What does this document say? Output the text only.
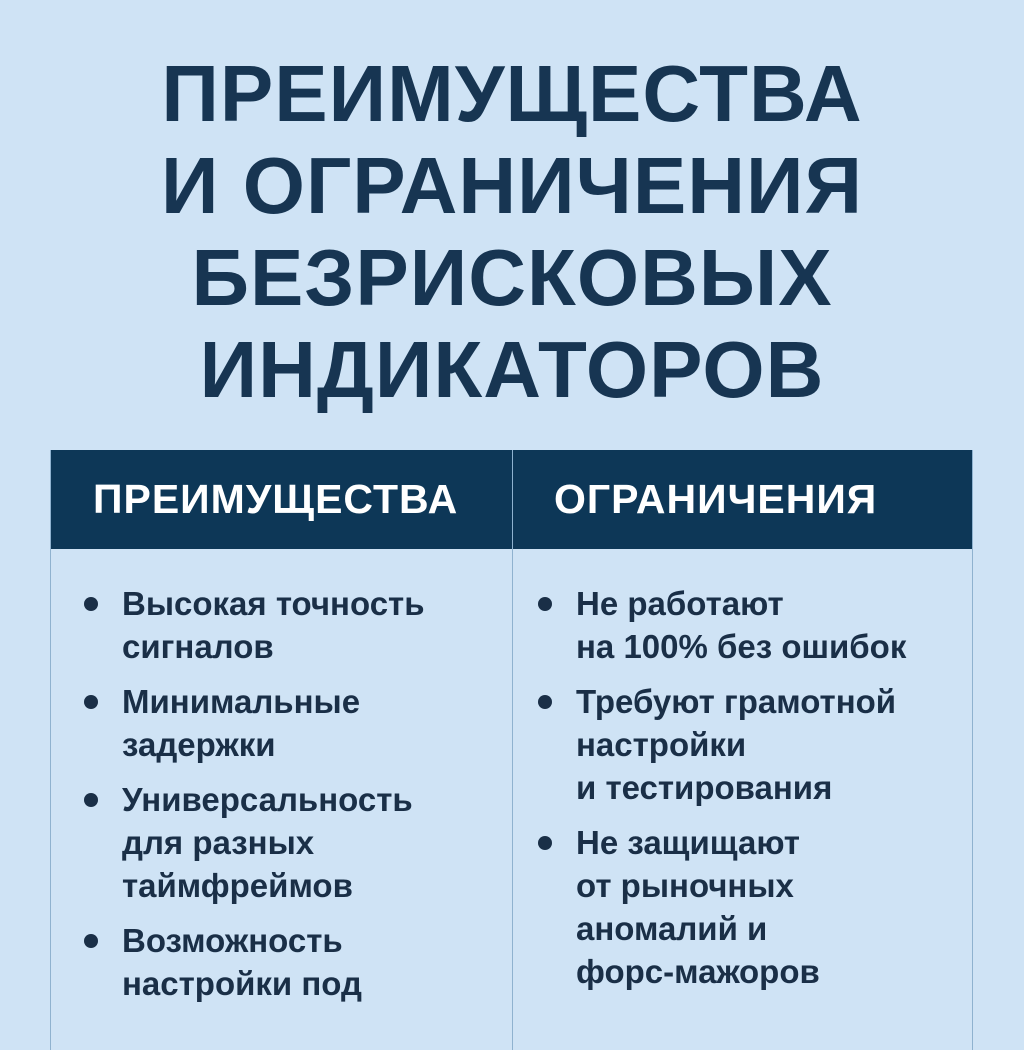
ПРЕИМУЩЕСТВА
И ОГРАНИЧЕНИЯ
БЕЗРИСКОВЫХ
ИНДИКАТОРОВ
ПРЕИМУЩЕСТВА ОГРАНИЧЕНИЯ
Высокая точность
сигналов
Минимальные
задержки
Универсальность
для разных
таймфреймов
Возможность
настройки под
Не работают
на 100% без ошибок
Требуют грамотной
настройки
и тестирования
Не защищают
от рыночных
аномалий и
форс-мажоров
